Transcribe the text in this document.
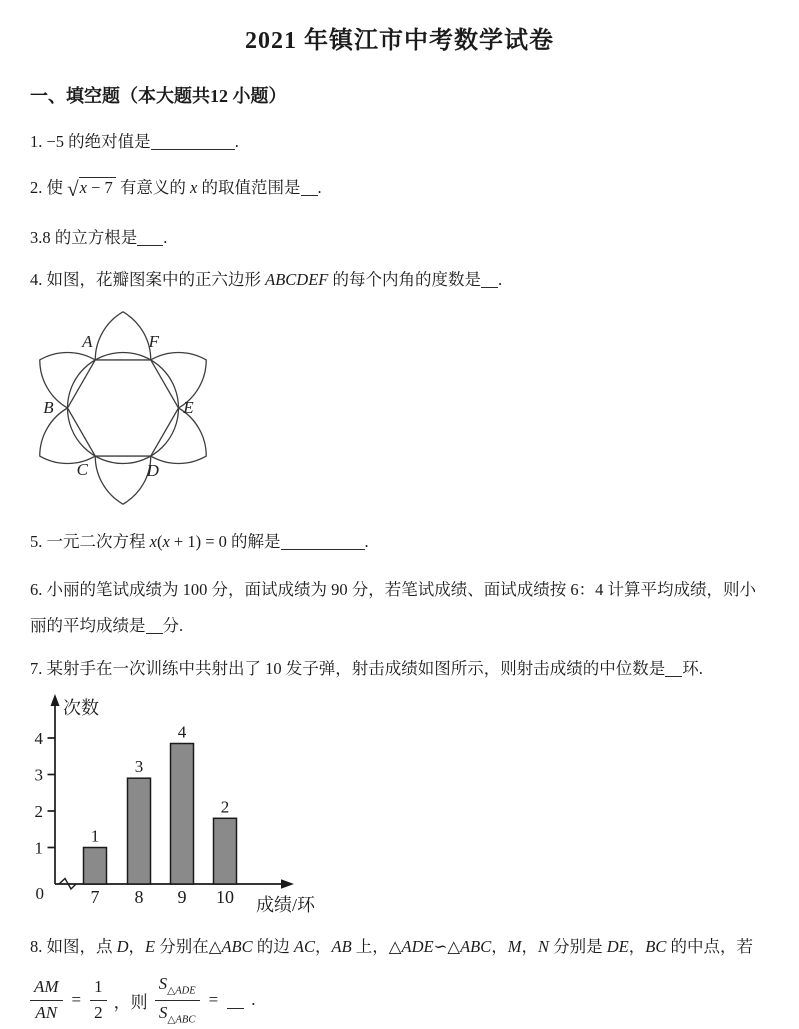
2021 年镇江市中考数学试卷
一、填空题（本大题共12 小题）

1. −5 的绝对值是	.

2. 使 √x − 7 有意义的 x 的取值范围是 .

3.8 的立方根是 .

4. 如图，花瓣图案中的正六边形 ABCDEF 的每个内角的度数是 .

A	F
E
D
C
B

5. 一元二次方程 x(x + 1) = 0 的解是	.

6. 小丽的笔试成绩为 100 分，面试成绩为 90 分，若笔试成绩、面试成绩按 6：4 计算平均成绩，则小丽的平均成绩是 分.

7. 某射手在一次训练中共射出了 10 发子弹，射击成绩如图所示，则射击成绩的中位数是 环.

0
1
2
3
4
1
7
3
8
4
9
2
10
次数
成绩/环

8. 如图，点 D，E 分别在△ABC 的边 AC，AB 上，△ADE∽△ABC，M，N 分别是 DE，BC 的中点，若

$\frac{AM}{AN} = \frac{1}{2}$ ，则 $\frac{S_{\triangle ADE}}{S_{\triangle ABC}}$ = .
